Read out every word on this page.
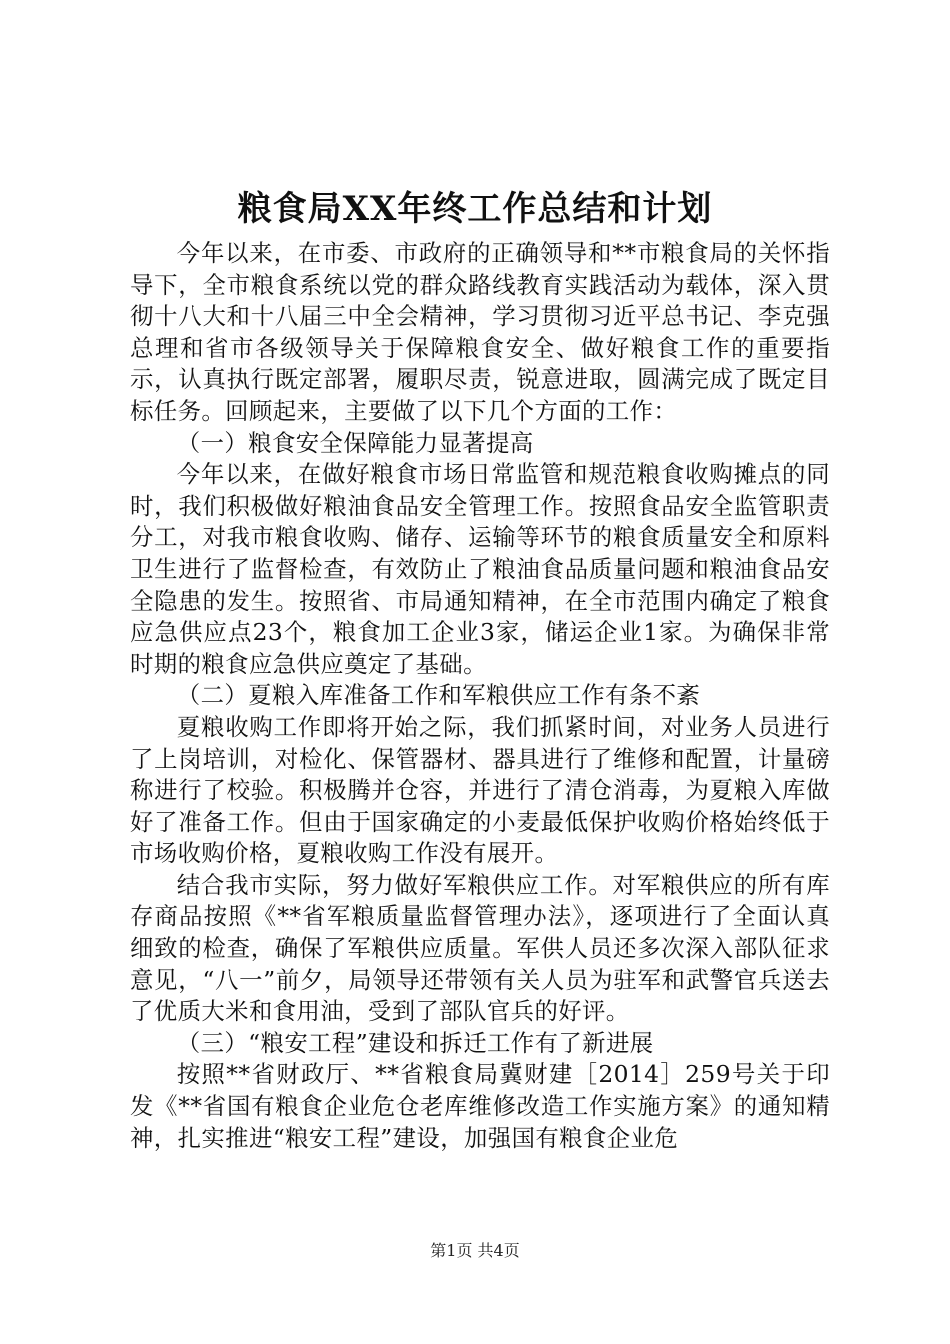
粮食局XX年终工作总结和计划

今年以来，在市委、市政府的正确领导和**市粮食局的关怀指导下，全市粮食系统以党的群众路线教育实践活动为载体，深入贯彻十八大和十八届三中全会精神，学习贯彻习近平总书记、李克强总理和省市各级领导关于保障粮食安全、做好粮食工作的重要指示，认真执行既定部署，履职尽责，锐意进取，圆满完成了既定目标任务。回顾起来，主要做了以下几个方面的工作：

（一）粮食安全保障能力显著提高

今年以来，在做好粮食市场日常监管和规范粮食收购摊点的同时，我们积极做好粮油食品安全管理工作。按照食品安全监管职责分工，对我市粮食收购、储存、运输等环节的粮食质量安全和原料卫生进行了监督检查，有效防止了粮油食品质量问题和粮油食品安全隐患的发生。按照省、市局通知精神，在全市范围内确定了粮食应急供应点23个，粮食加工企业3家，储运企业1家。为确保非常时期的粮食应急供应奠定了基础。

（二）夏粮入库准备工作和军粮供应工作有条不紊

夏粮收购工作即将开始之际，我们抓紧时间，对业务人员进行了上岗培训，对检化、保管器材、器具进行了维修和配置，计量磅称进行了校验。积极腾并仓容，并进行了清仓消毒，为夏粮入库做好了准备工作。但由于国家确定的小麦最低保护收购价格始终低于市场收购价格，夏粮收购工作没有展开。

结合我市实际，努力做好军粮供应工作。对军粮供应的所有库存商品按照《**省军粮质量监督管理办法》，逐项进行了全面认真细致的检查，确保了军粮供应质量。军供人员还多次深入部队征求意见，“八一”前夕，局领导还带领有关人员为驻军和武警官兵送去了优质大米和食用油，受到了部队官兵的好评。

（三）“粮安工程”建设和拆迁工作有了新进展

按照**省财政厅、**省粮食局冀财建［2014］259号关于印发《**省国有粮食企业危仓老库维修改造工作实施方案》的通知精神，扎实推进“粮安工程”建设，加强国有粮食企业危

第1页 共4页
